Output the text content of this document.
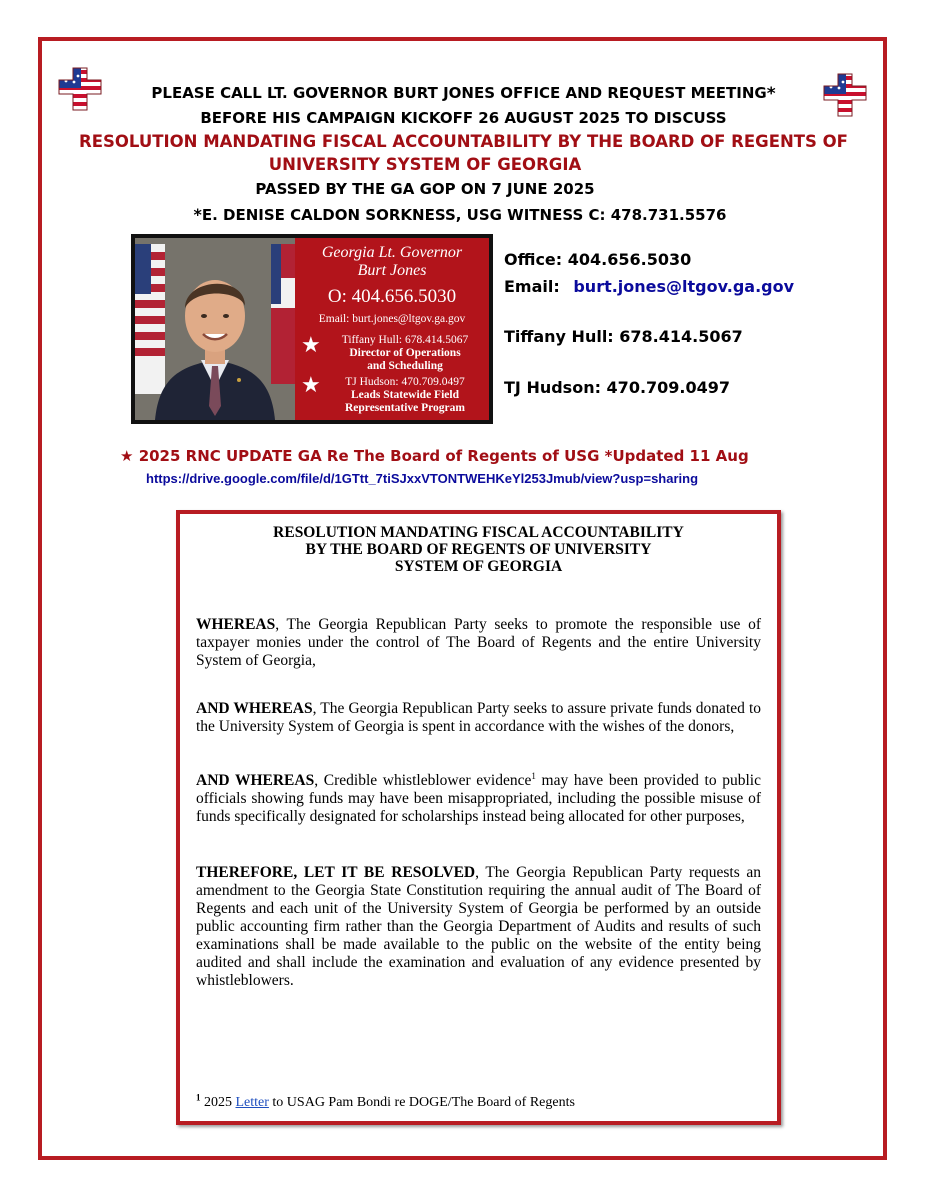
PLEASE CALL LT. GOVERNOR BURT JONES OFFICE AND REQUEST MEETING*
BEFORE HIS CAMPAIGN KICKOFF 26 AUGUST 2025 TO DISCUSS
RESOLUTION MANDATING FISCAL ACCOUNTABILITY BY THE BOARD OF REGENTS OF
UNIVERSITY SYSTEM OF GEORGIA
PASSED BY THE GA GOP ON 7 JUNE 2025
*E. DENISE CALDON SORKNESS, USG WITNESS C: 478.731.5576
Georgia Lt. Governor
Burt Jones
O: 404.656.5030
Email: burt.jones@ltgov.ga.gov
★	Tiffany Hull: 678.414.5067
Director of Operations
and Scheduling
★	TJ Hudson: 470.709.0497
Leads Statewide Field
Representative Program
Office: 404.656.5030
Email: burt.jones@ltgov.ga.gov
Tiffany Hull: 678.414.5067
TJ Hudson: 470.709.0497
★ 2025 RNC UPDATE GA Re The Board of Regents of USG *Updated 11 Aug
https://drive.google.com/file/d/1GTtt_7tiSJxxVTONTWEHKeYl253Jmub/view?usp=sharing
RESOLUTION MANDATING FISCAL ACCOUNTABILITY
BY THE BOARD OF REGENTS OF UNIVERSITY
SYSTEM OF GEORGIA

WHEREAS, The Georgia Republican Party seeks to promote the responsible use of taxpayer monies under the control of The Board of Regents and the entire University System of Georgia,

AND WHEREAS, The Georgia Republican Party seeks to assure private funds donated to the University System of Georgia is spent in accordance with the wishes of the donors,

AND WHEREAS, Credible whistleblower evidence$^1$ may have been provided to public officials showing funds may have been misappropriated, including the possible misuse of funds specifically designated for scholarships instead being allocated for other purposes,

THEREFORE, LET IT BE RESOLVED, The Georgia Republican Party requests an amendment to the Georgia State Constitution requiring the annual audit of The Board of Regents and each unit of the University System of Georgia be performed by an outside public accounting firm rather than the Georgia Department of Audits and results of such examinations shall be made available to the public on the website of the entity being audited and shall include the examination and evaluation of any evidence presented by whistleblowers.

$^1$ 2025 Letter to USAG Pam Bondi re DOGE/The Board of Regents
